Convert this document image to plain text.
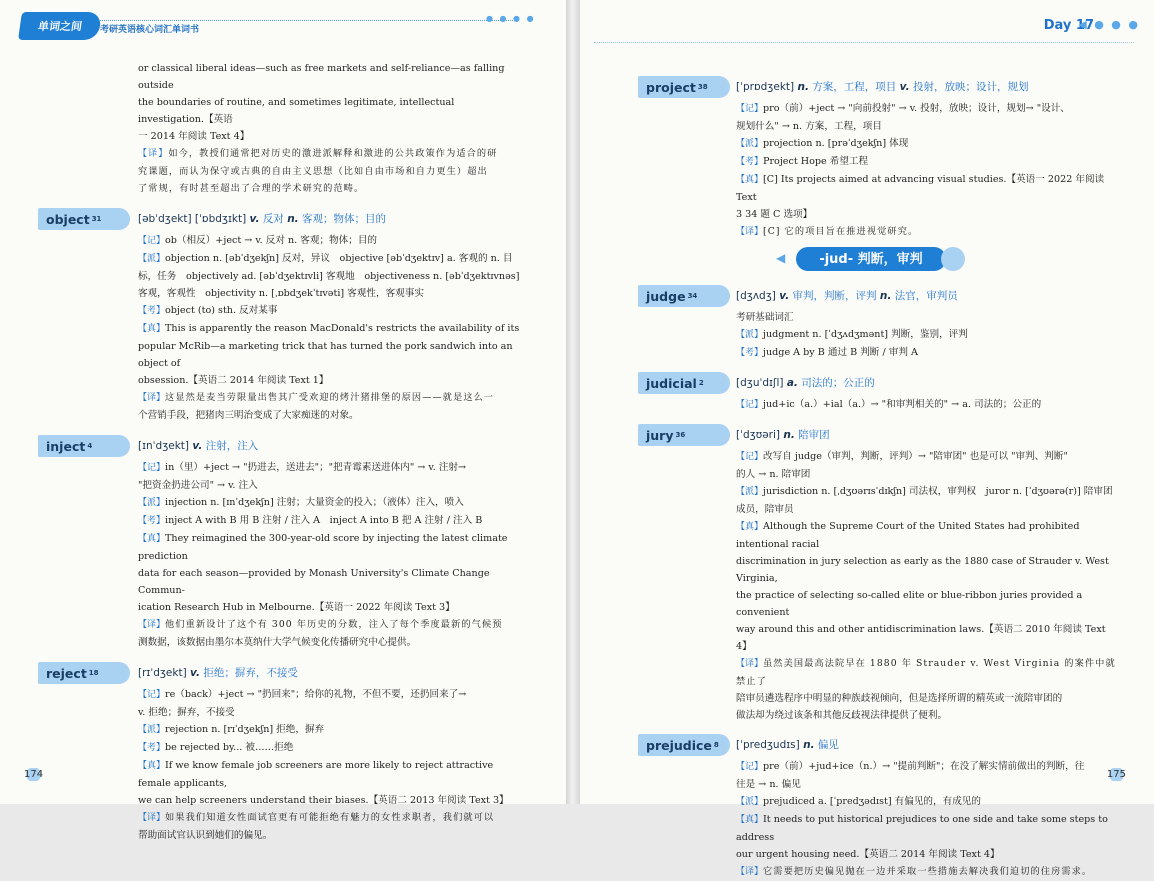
单词之间	考研英语核心词汇单词书
● ● ● ●

or classical liberal ideas—such as free markets and self-reliance—as falling outside

the boundaries of routine, and sometimes legitimate, intellectual investigation.【英语

一 2014 年阅读 Text 4】

【译】如今，教授们通常把对历史的激进派解释和激进的公共政策作为适合的研

究课题，而认为保守或古典的自由主义思想（比如自由市场和自力更生）超出

了常规，有时甚至超出了合理的学术研究的范畴。

object 31	[əbˈdʒekt] [ˈɒbdʒɪkt] v. 反对 n. 客观；物体；目的

【记】ob（相反）+ject → v. 反对 n. 客观；物体；目的

【派】objection n. [əbˈdʒekʃn] 反对，异议　objective [əbˈdʒektɪv] a. 客观的 n. 目

标，任务　objectively ad. [əbˈdʒektɪvli] 客观地　objectiveness n. [əbˈdʒektɪvnəs]

客观，客观性　objectivity n. [ˌɒbdʒekˈtɪvəti] 客观性，客观事实

【考】object (to) sth. 反对某事

【真】This is apparently the reason MacDonald's restricts the availability of its

popular McRib—a marketing trick that has turned the pork sandwich into an object of

obsession.【英语二 2014 年阅读 Text 1】

【译】这显然是麦当劳限量出售其广受欢迎的烤汁猪排堡的原因——就是这么一

个营销手段，把猪肉三明治变成了大家痴迷的对象。

inject 4	[ɪnˈdʒekt] v. 注射，注入

【记】in（里）+ject → "扔进去，送进去"；"把青霉素送进体内" → v. 注射→

"把资金扔进公司" → v. 注入

【派】injection n. [ɪnˈdʒekʃn] 注射；大量资金的投入；（液体）注入，喷入

【考】inject A with B 用 B 注射 / 注入 A　inject A into B 把 A 注射 / 注入 B

【真】They reimagined the 300-year-old score by injecting the latest climate prediction

data for each season—provided by Monash University's Climate Change Commun-

ication Research Hub in Melbourne.【英语一 2022 年阅读 Text 3】

【译】他们重新设计了这个有 300 年历史的分数，注入了每个季度最新的气候预

测数据，该数据由墨尔本莫纳什大学气候变化传播研究中心提供。

reject 18	[rɪˈdʒekt] v. 拒绝；摒弃，不接受

【记】re（back）+ject → "扔回来"；给你的礼物，不但不要，还扔回来了→

v. 拒绝；摒弃，不接受

【派】rejection n. [rɪˈdʒekʃn] 拒绝，摒弃

【考】be rejected by... 被……拒绝

【真】If we know female job screeners are more likely to reject attractive female applicants,

we can help screeners understand their biases.【英语二 2013 年阅读 Text 3】

【译】如果我们知道女性面试官更有可能拒绝有魅力的女性求职者，我们就可以

帮助面试官认识到她们的偏见。

174
Day 17
◀ ● ● ●
project 38	[ˈprɒdʒekt] n. 方案，工程，项目 v. 投射，放映；设计，规划

【记】pro（前）+ject → "向前投射" → v. 投射，放映；设计，规划→ "设计、

规划什么" → n. 方案，工程，项目

【派】projection n. [prəˈdʒekʃn] 体现

【考】Project Hope 希望工程

【真】[C] Its projects aimed at advancing visual studies.【英语一 2022 年阅读 Text

3 34 题 C 选项】

【译】[C] 它的项目旨在推进视觉研究。

◀	-jud- 判断，审判
judge 34	[dʒʌdʒ] v. 审判，判断，评判 n. 法官，审判员

考研基础词汇

【派】judgment n. [ˈdʒʌdʒmənt] 判断，鉴别，评判

【考】judge A by B 通过 B 判断 / 审判 A

judicial 2	[dʒuˈdɪʃl] a. 司法的；公正的

【记】jud+ic（a.）+ial（a.）→ "和审判相关的" → a. 司法的；公正的

jury 36	[ˈdʒʊəri] n. 陪审团

【记】改写自 judge（审判，判断，评判）→ "陪审团" 也是可以 "审判、判断"

的人 → n. 陪审团

【派】jurisdiction n. [ˌdʒʊərɪsˈdɪkʃn] 司法权，审判权　juror n. [ˈdʒʊərə(r)] 陪审团

成员，陪审员

【真】Although the Supreme Court of the United States had prohibited intentional racial

discrimination in jury selection as early as the 1880 case of Strauder v. West Virginia,

the practice of selecting so-called elite or blue-ribbon juries provided a convenient

way around this and other antidiscrimination laws.【英语二 2010 年阅读 Text 4】

【译】虽然美国最高法院早在 1880 年 Strauder v. West Virginia 的案件中就禁止了

陪审员遴选程序中明显的种族歧视倾向，但是选择所谓的精英或一流陪审团的

做法却为绕过该条和其他反歧视法律提供了便利。

prejudice 8 [ˈpredʒudɪs] n. 偏见

【记】pre（前）+jud+ice（n.）→ "提前判断"；在没了解实情前做出的判断，往

往是 → n. 偏见

【派】prejudiced a. [ˈpredʒədɪst] 有偏见的，有成见的

【真】It needs to put historical prejudices to one side and take some steps to address

our urgent housing need.【英语二 2014 年阅读 Text 4】

【译】它需要把历史偏见抛在一边并采取一些措施去解决我们迫切的住房需求。

175
